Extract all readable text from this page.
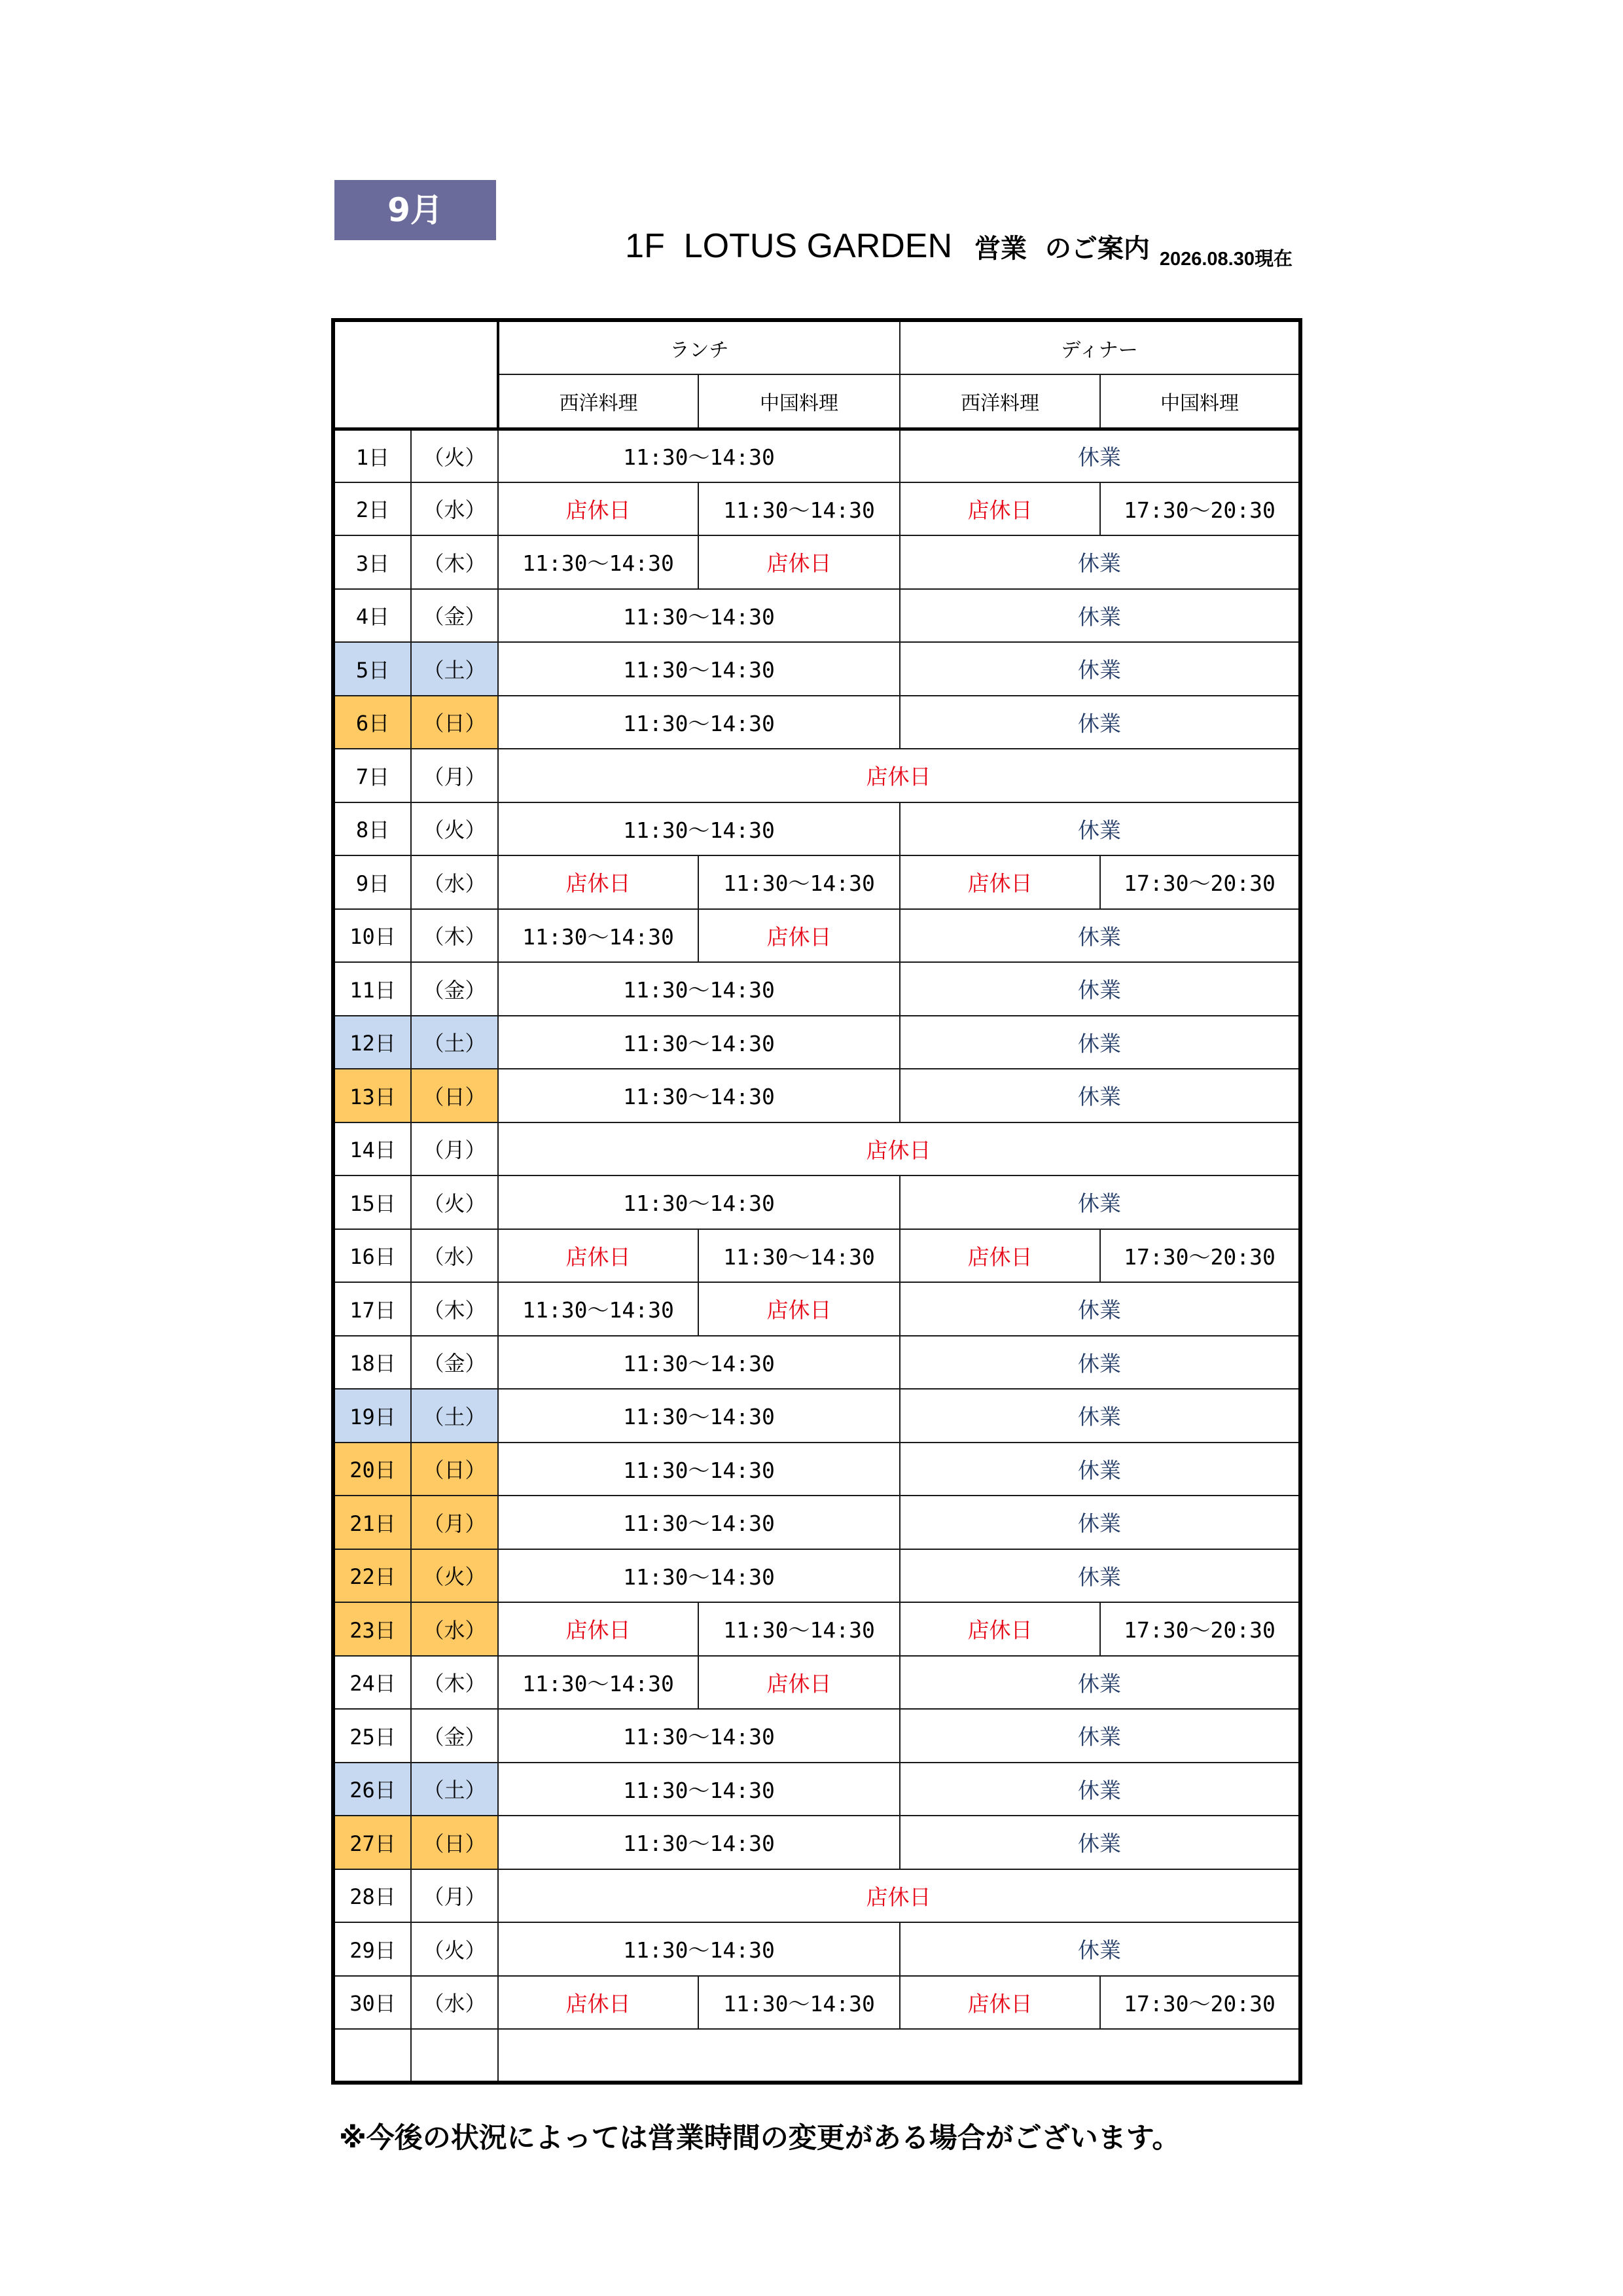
9月

1F  LOTUS GARDEN 営業  のご案内 2026.08.30現在
		ランチ		ディナー	
		西洋料理	中国料理	西洋料理	中国料理
1日	（火）	11:30～14:30		休業	
2日	（水）	店休日	11:30～14:30	店休日	17:30～20:30
3日	（木）	11:30～14:30	店休日	休業	
4日	（金）	11:30～14:30		休業	
5日	（土）	11:30～14:30		休業	
6日	（日）	11:30～14:30		休業	
7日	（月）	店休日			
8日	（火）	11:30～14:30		休業	
9日	（水）	店休日	11:30～14:30	店休日	17:30～20:30
10日	（木）	11:30～14:30	店休日	休業	
11日	（金）	11:30～14:30		休業	
12日	（土）	11:30～14:30		休業	
13日	（日）	11:30～14:30		休業	
14日	（月）	店休日			
15日	（火）	11:30～14:30		休業	
16日	（水）	店休日	11:30～14:30	店休日	17:30～20:30
17日	（木）	11:30～14:30	店休日	休業	
18日	（金）	11:30～14:30		休業	
19日	（土）	11:30～14:30		休業	
20日	（日）	11:30～14:30		休業	
21日	（月）	11:30～14:30		休業	
22日	（火）	11:30～14:30		休業	
23日	（水）	店休日	11:30～14:30	店休日	17:30～20:30
24日	（木）	11:30～14:30	店休日	休業	
25日	（金）	11:30～14:30		休業	
26日	（土）	11:30～14:30		休業	
27日	（日）	11:30～14:30		休業	
28日	（月）	店休日			
29日	（火）	11:30～14:30		休業	
30日	（水）	店休日	11:30～14:30	店休日	17:30～20:30

※今後の状況によっては営業時間の変更がある場合がございます。
